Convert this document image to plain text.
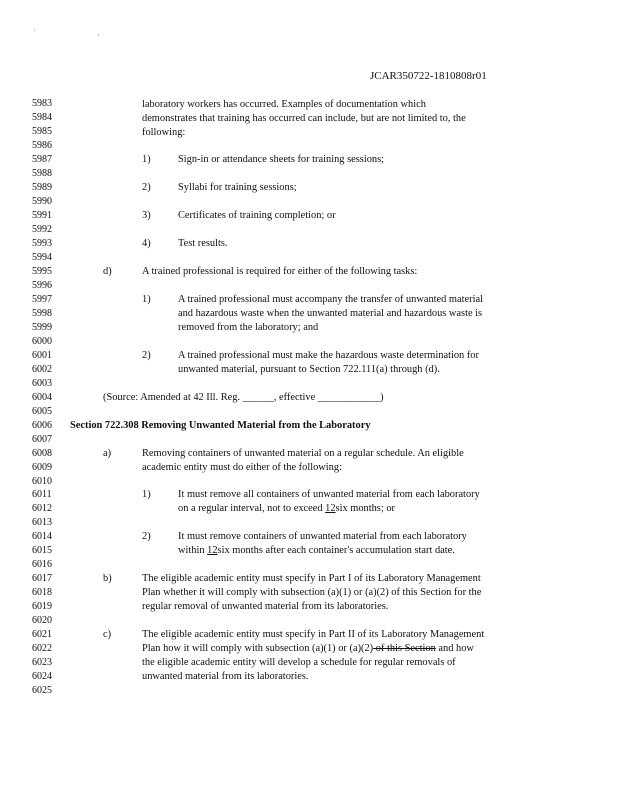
' ,
JCAR350722-1810808r01
5983
5984
5985
5986
5987
5988
5989
5990
5991
5992
5993
5994
5995
5996
5997
5998
5999
6000
6001
6002
6003
6004
6005
6006
6007
6008
6009
6010
6011
6012
6013
6014
6015
6016
6017
6018
6019
6020
6021
6022
6023
6024
6025
laboratory workers has occurred. Examples of documentation which
demonstrates that training has occurred can include, but are not limited to, the
following:
1)	Sign-in or attendance sheets for training sessions;
2)	Syllabi for training sessions;
3)	Certificates of training completion; or
4)	Test results.
d)	A trained professional is required for either of the following tasks:
1)	A trained professional must accompany the transfer of unwanted material
and hazardous waste when the unwanted material and hazardous waste is
removed from the laboratory; and
2)	A trained professional must make the hazardous waste determination for
unwanted material, pursuant to Section 722.111(a) through (d).
(Source: Amended at 42 Ill. Reg. ______, effective ____________)
Section 722.308 Removing Unwanted Material from the Laboratory
a)	Removing containers of unwanted material on a regular schedule. An eligible
academic entity must do either of the following:
1)	It must remove all containers of unwanted material from each laboratory
on a regular interval, not to exceed 12six months; or
2)	It must remove containers of unwanted material from each laboratory
within 12six months after each container's accumulation start date.
b)	The eligible academic entity must specify in Part I of its Laboratory Management
Plan whether it will comply with subsection (a)(1) or (a)(2) of this Section for the
regular removal of unwanted material from its laboratories.
c)	The eligible academic entity must specify in Part II of its Laboratory Management
Plan how it will comply with subsection (a)(1) or (a)(2) of this Section and how
the eligible academic entity will develop a schedule for regular removals of
unwanted material from its laboratories.
